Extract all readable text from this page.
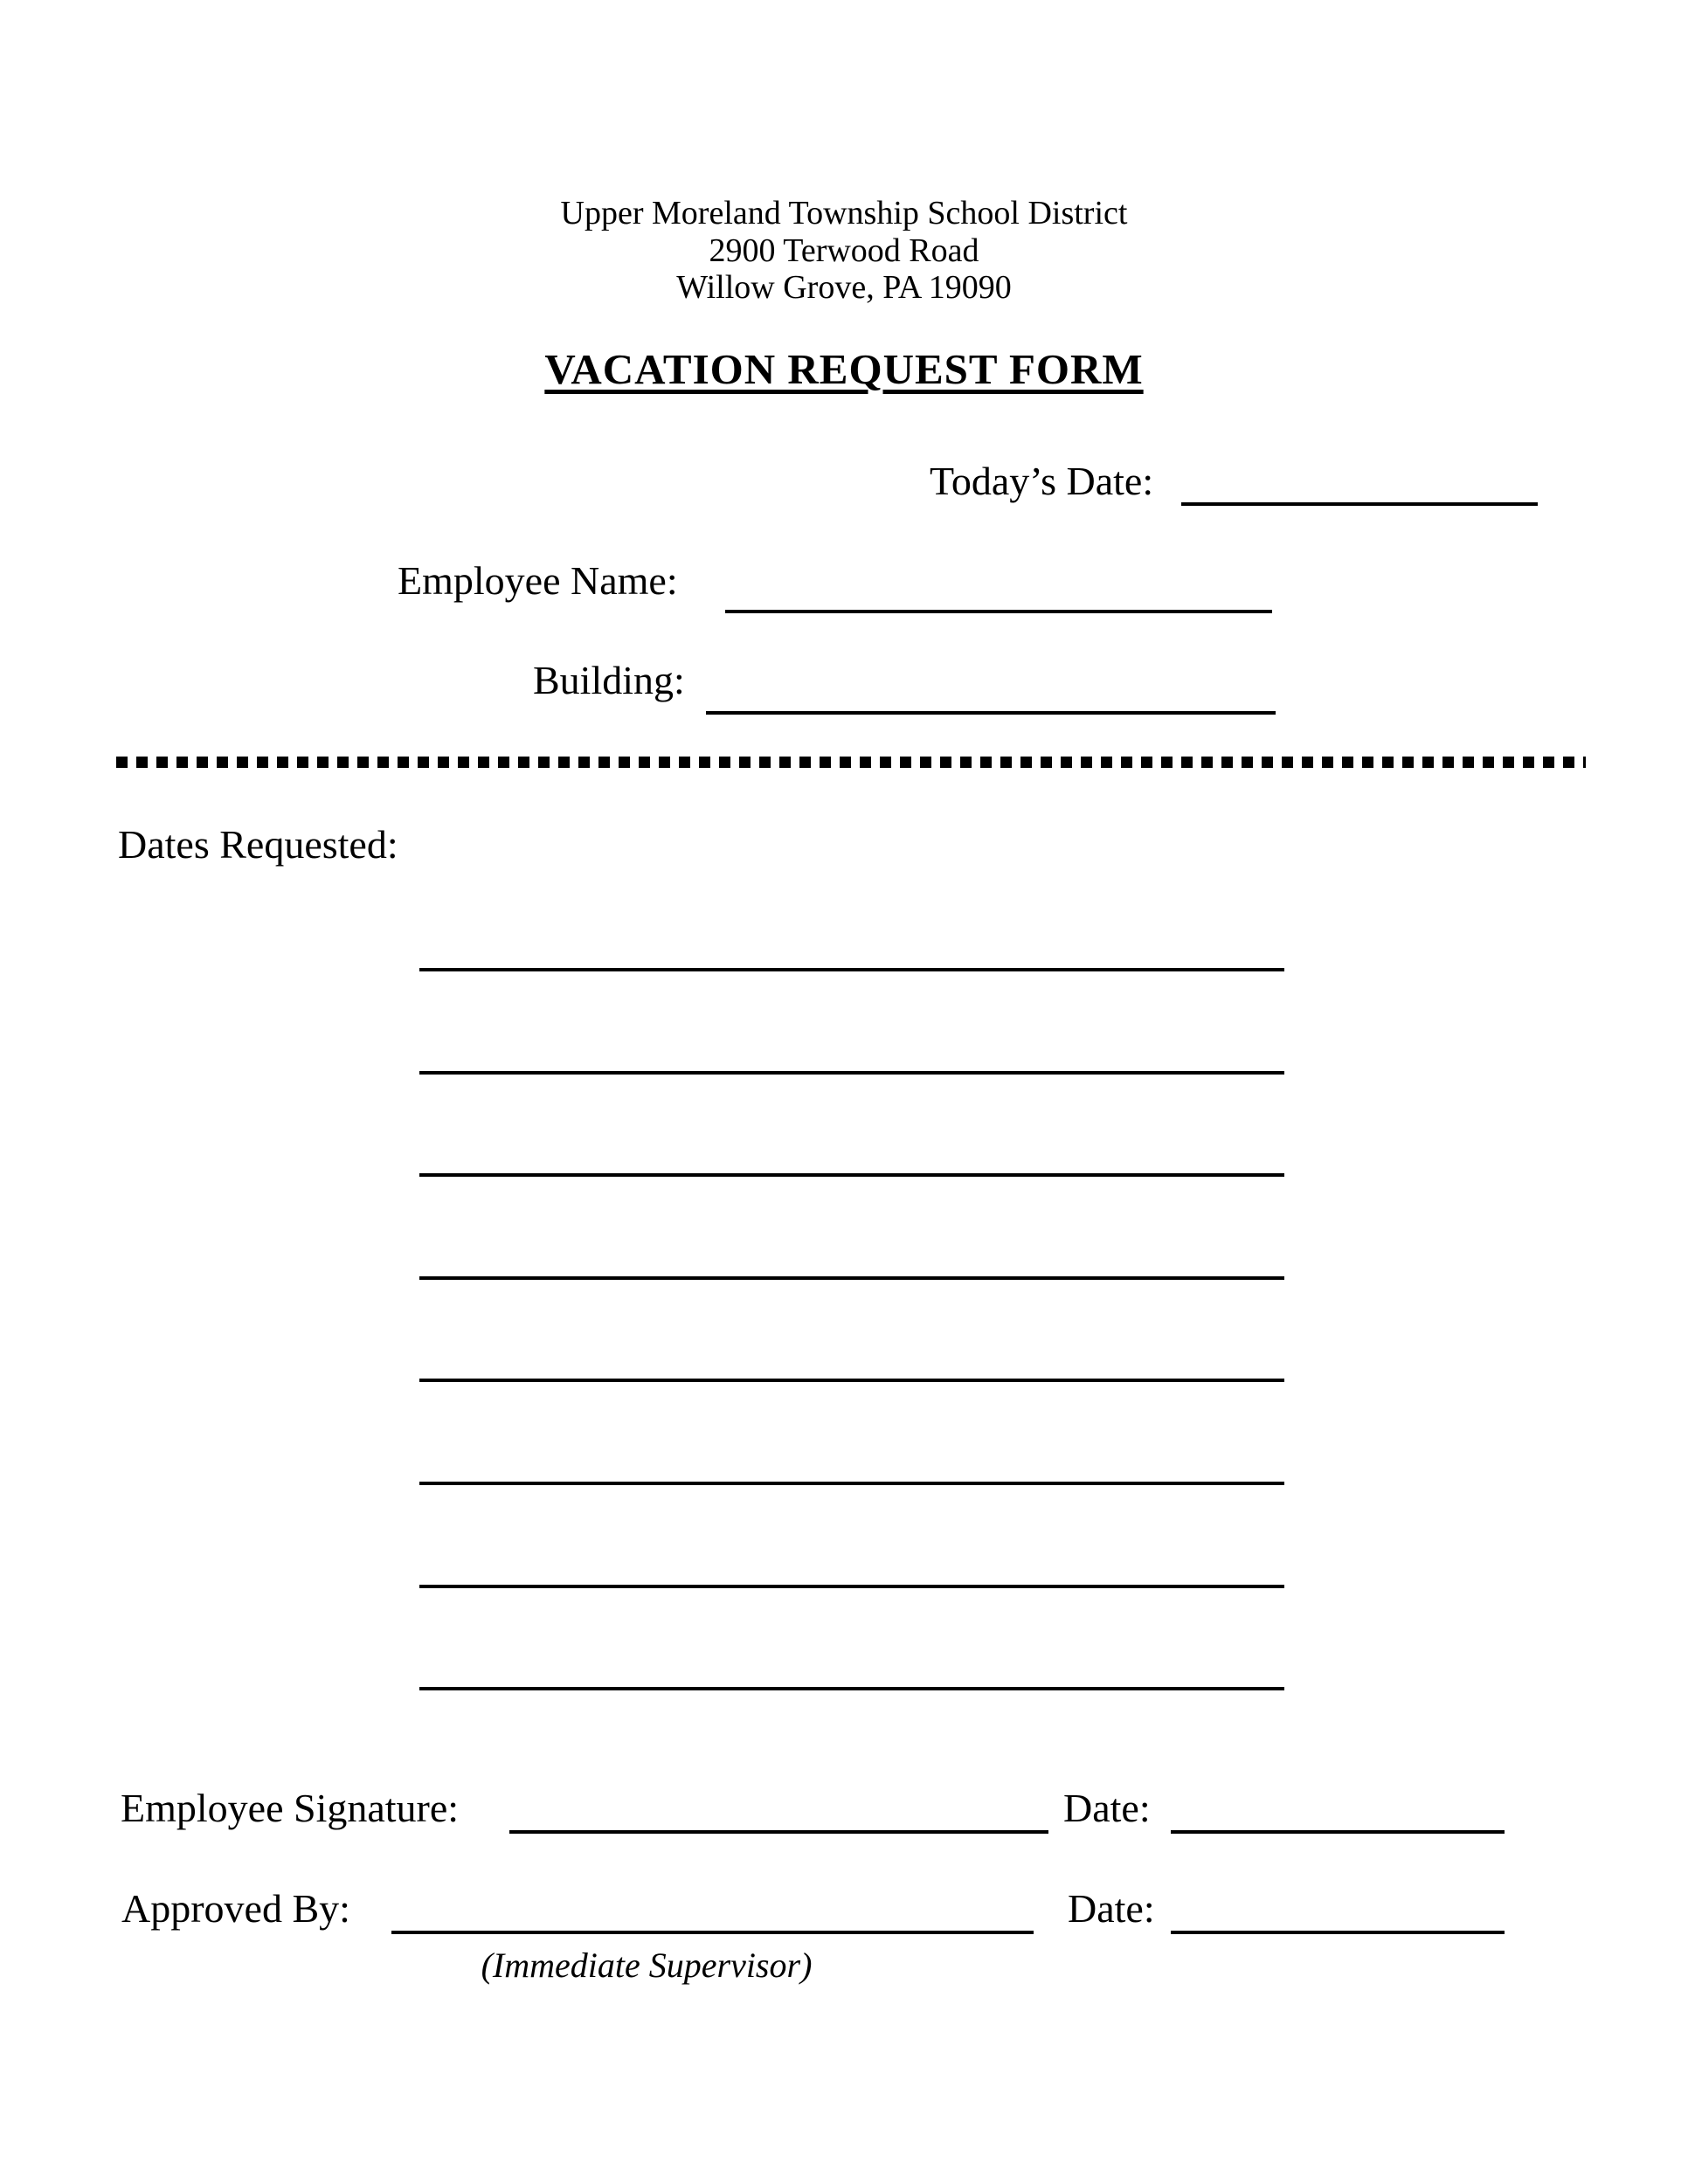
Upper Moreland Township School District
2900 Terwood Road
Willow Grove, PA 19090
VACATION REQUEST FORM
Today’s Date:
Employee Name:
Building:
Dates Requested:
Employee Signature:	Date:
Approved By:	Date:
(Immediate Supervisor)
